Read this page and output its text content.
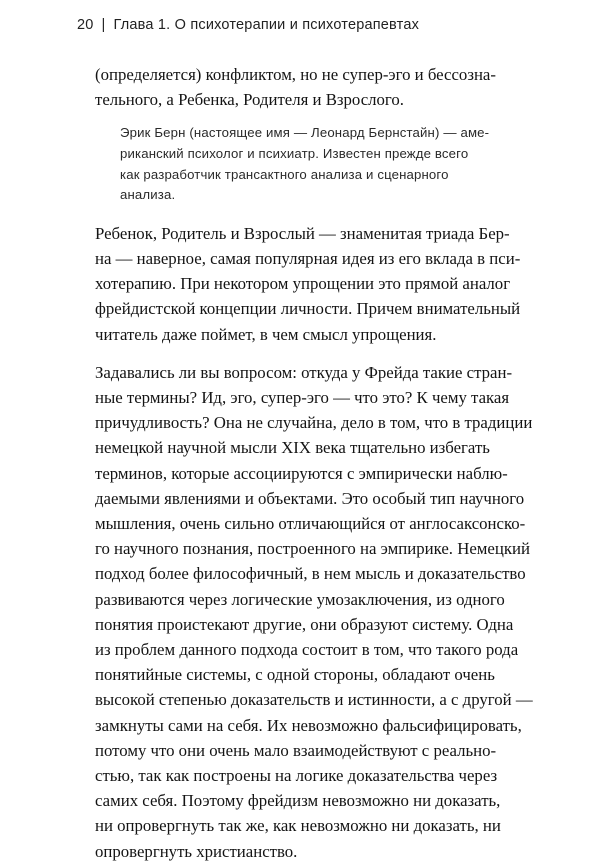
20 | Глава 1. О психотерапии и психотерапевтах
(определяется) конфликтом, но не супер-эго и бессозна-
тельного, а Ребенка, Родителя и Взрослого.
Эрик Берн (настоящее имя — Леонард Бернстайн) — аме-
риканский психолог и психиатр. Известен прежде всего
как разработчик трансактного анализа и сценарного
анализа.
Ребенок, Родитель и Взрослый — знаменитая триада Бер-
на — наверное, самая популярная идея из его вклада в пси-
хотерапию. При некотором упрощении это прямой аналог
фрейдистской концепции личности. Причем внимательный
читатель даже поймет, в чем смысл упрощения.
Задавались ли вы вопросом: откуда у Фрейда такие стран-
ные термины? Ид, эго, супер-эго — что это? К чему такая
причудливость? Она не случайна, дело в том, что в традиции
немецкой научной мысли XIX века тщательно избегать
терминов, которые ассоциируются с эмпирически наблю-
даемыми явлениями и объектами. Это особый тип научного
мышления, очень сильно отличающийся от англосаксонско-
го научного познания, построенного на эмпирике. Немецкий
подход более философичный, в нем мысль и доказательство
развиваются через логические умозаключения, из одного
понятия проистекают другие, они образуют систему. Одна
из проблем данного подхода состоит в том, что такого рода
понятийные системы, с одной стороны, обладают очень
высокой степенью доказательств и истинности, а с другой —
замкнуты сами на себя. Их невозможно фальсифицировать,
потому что они очень мало взаимодействуют с реально-
стью, так как построены на логике доказательства через
самих себя. Поэтому фрейдизм невозможно ни доказать,
ни опровергнуть так же, как невозможно ни доказать, ни
опровергнуть христианство.
